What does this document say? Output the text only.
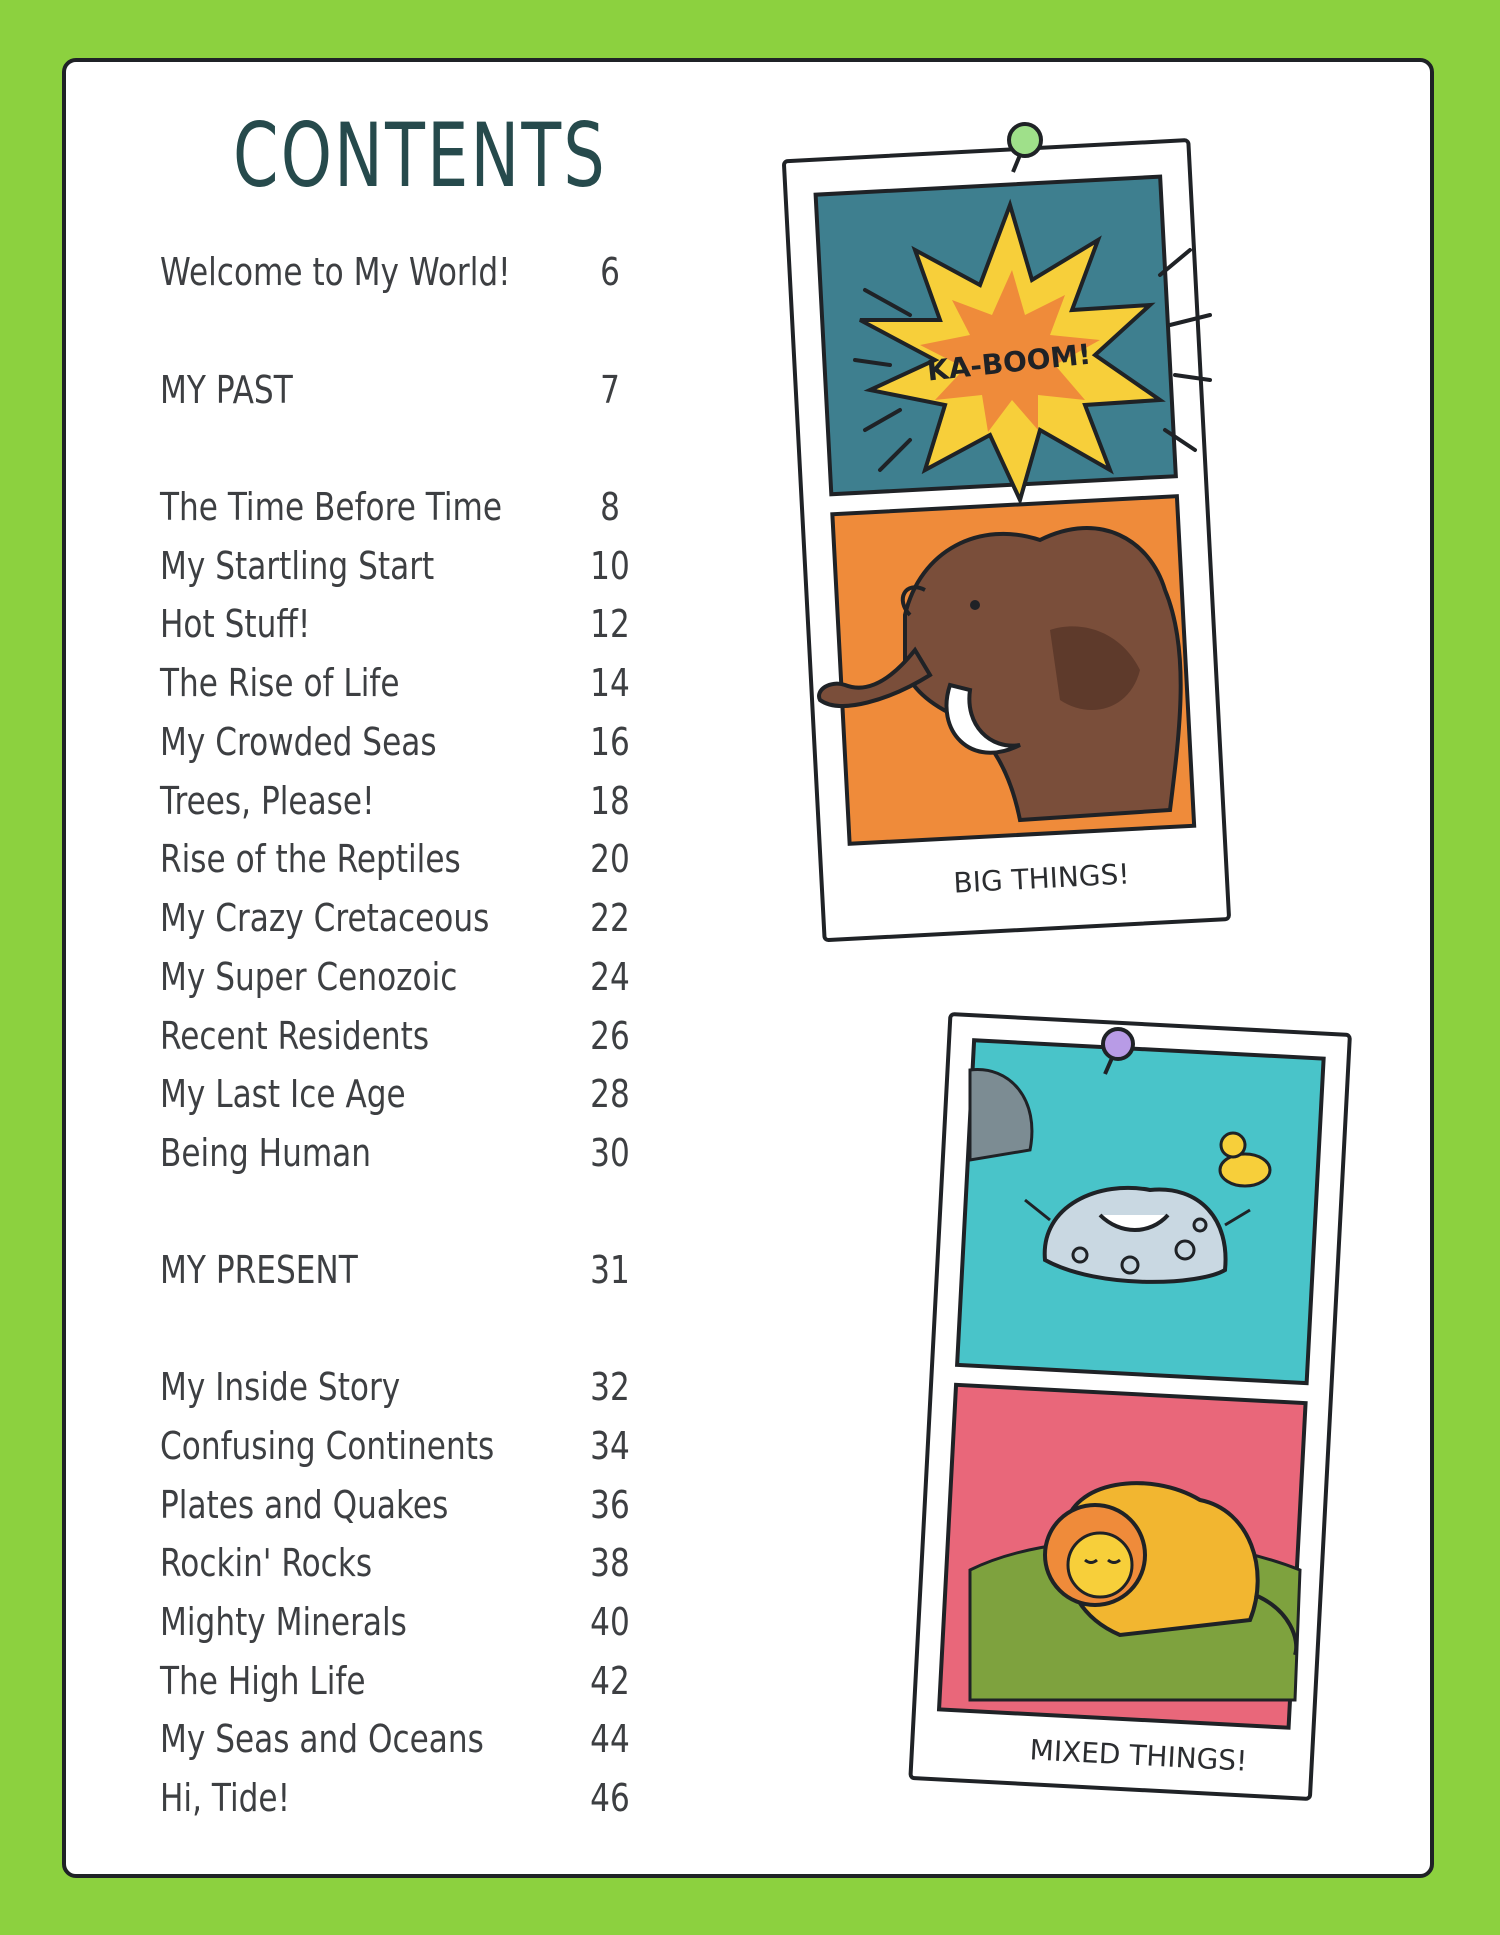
CONTENTS
Welcome to My World!	6
MY PAST	7
The Time Before Time	8
My Startling Start	10
Hot Stuff!	12
The Rise of Life	14
My Crowded Seas	16
Trees, Please!	18
Rise of the Reptiles	20
My Crazy Cretaceous	22
My Super Cenozoic	24
Recent Residents	26
My Last Ice Age	28
Being Human	30
MY PRESENT	31
My Inside Story	32
Confusing Continents	34
Plates and Quakes	36
Rockin' Rocks	38
Mighty Minerals	40
The High Life	42
My Seas and Oceans	44
Hi, Tide!	46
KA-BOOM!
BIG THINGS!
MIXED THINGS!
